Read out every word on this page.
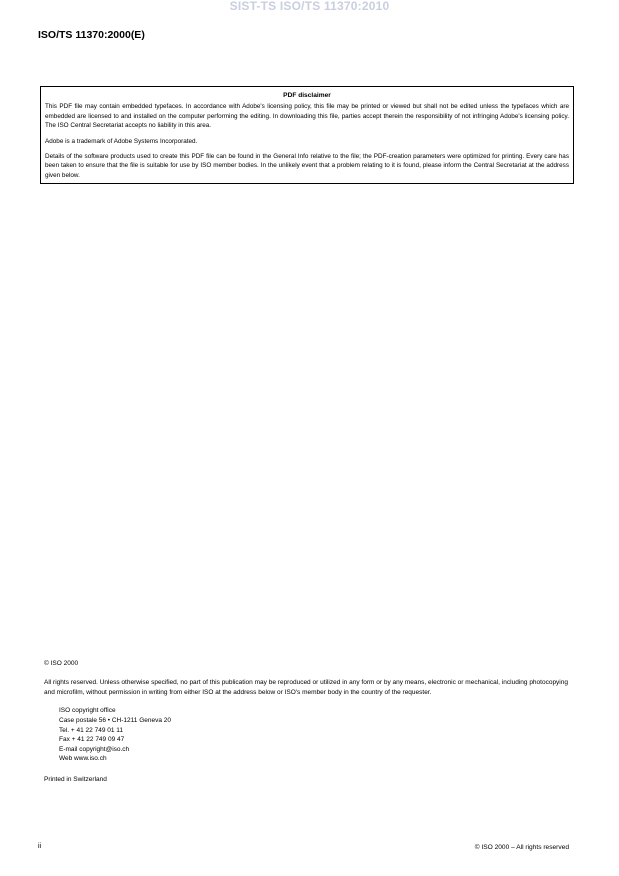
SIST-TS ISO/TS 11370:2010
ISO/TS 11370:2000(E)
PDF disclaimer

This PDF file may contain embedded typefaces. In accordance with Adobe's licensing policy, this file may be printed or viewed but shall not be edited unless the typefaces which are embedded are licensed to and installed on the computer performing the editing. In downloading this file, parties accept therein the responsibility of not infringing Adobe's licensing policy. The ISO Central Secretariat accepts no liability in this area.

Adobe is a trademark of Adobe Systems Incorporated.

Details of the software products used to create this PDF file can be found in the General Info relative to the file; the PDF-creation parameters were optimized for printing. Every care has been taken to ensure that the file is suitable for use by ISO member bodies. In the unlikely event that a problem relating to it is found, please inform the Central Secretariat at the address given below.

© ISO 2000

All rights reserved. Unless otherwise specified, no part of this publication may be reproduced or utilized in any form or by any means, electronic or mechanical, including photocopying and microfilm, without permission in writing from either ISO at the address below or ISO's member body in the country of the requester.

ISO copyright office
Case postale 56 • CH-1211 Geneva 20
Tel. + 41 22 749 01 11
Fax + 41 22 749 09 47
E-mail copyright@iso.ch
Web www.iso.ch

Printed in Switzerland

ii	© ISO 2000 – All rights reserved
